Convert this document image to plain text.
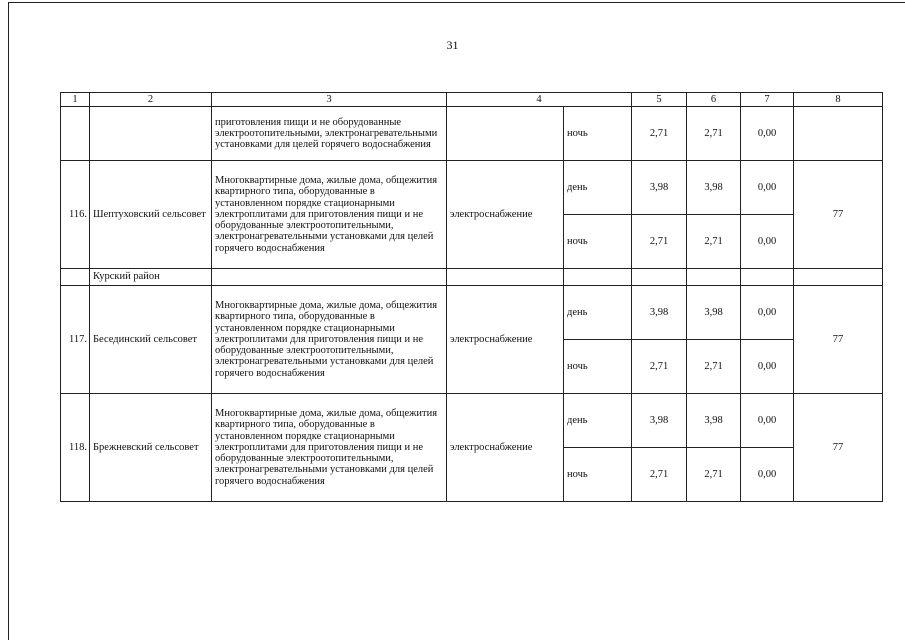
31
1	2	3	4		5	6	7	8
		приготовления пищи и не оборудованные электроотопительными, электронагревательными установками для целей горячего водоснабжения		ночь	2,71	2,71	0,00	
116.	Шептуховский сельсовет	Многоквартирные дома, жилые дома, общежития квартирного типа, оборудованные в установленном порядке стационарными электроплитами для приготовления пищи и не оборудованные электроотопительными, электронагревательными установками для целей горячего водоснабжения	электроснабжение	день	3,98	3,98	0,00	77
				ночь	2,71	2,71	0,00	
	Курский район							
117.	Бесединский сельсовет	Многоквартирные дома, жилые дома, общежития квартирного типа, оборудованные в установленном порядке стационарными электроплитами для приготовления пищи и не оборудованные электроотопительными, электронагревательными установками для целей горячего водоснабжения	электроснабжение	день	3,98	3,98	0,00	77
				ночь	2,71	2,71	0,00	
118.	Брежневский сельсовет	Многоквартирные дома, жилые дома, общежития квартирного типа, оборудованные в установленном порядке стационарными электроплитами для приготовления пищи и не оборудованные электроотопительными, электронагревательными установками для целей горячего водоснабжения	электроснабжение	день	3,98	3,98	0,00	77
				ночь	2,71	2,71	0,00	
